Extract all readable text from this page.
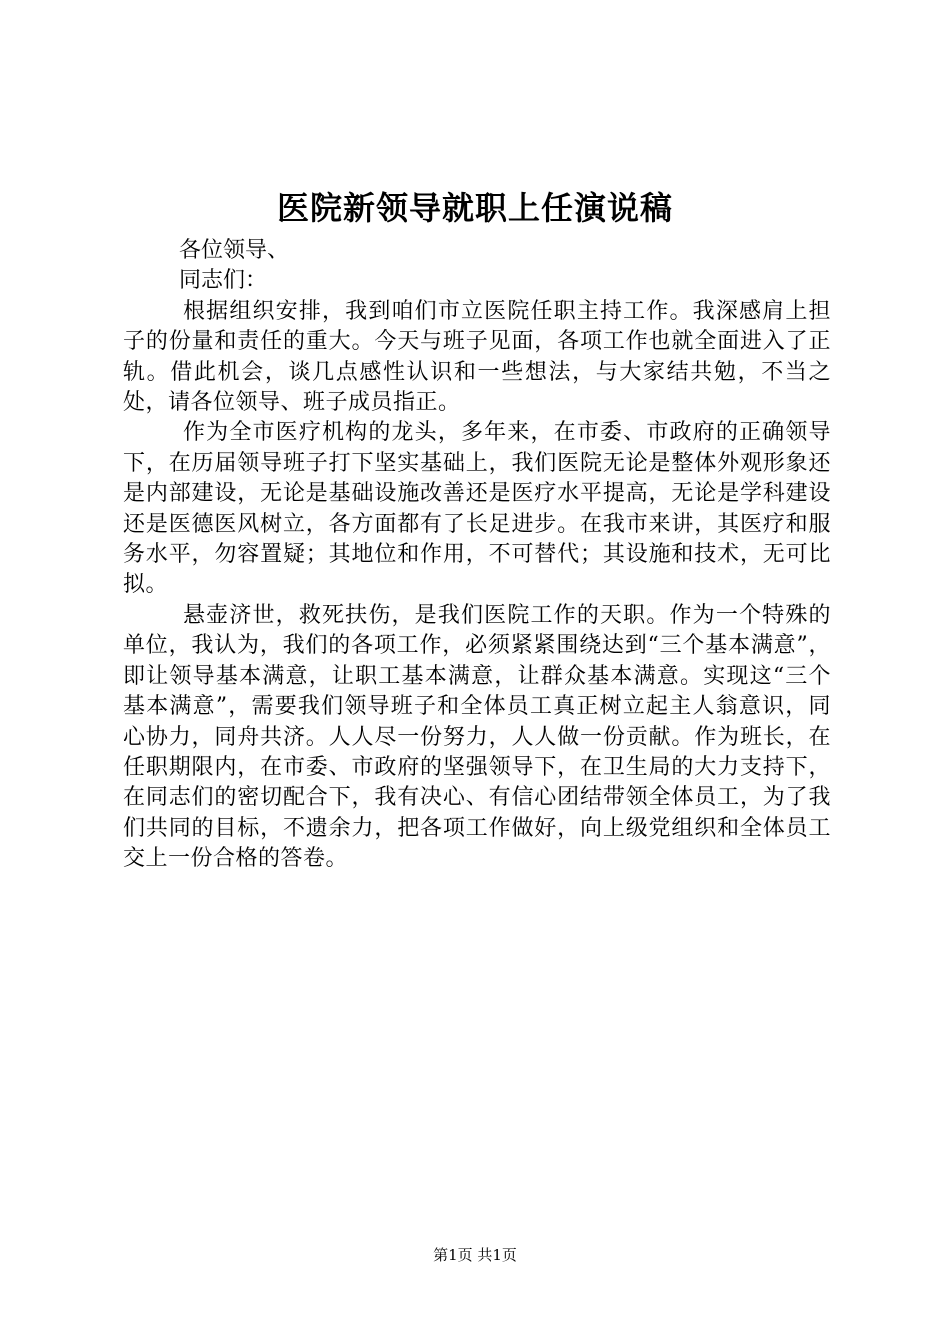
医院新领导就职上任演说稿

各位领导、

同志们：

根据组织安排，我到咱们市立医院任职主持工作。我深感肩上担子的份量和责任的重大。今天与班子见面，各项工作也就全面进入了正轨。借此机会，谈几点感性认识和一些想法，与大家结共勉，不当之处，请各位领导、班子成员指正。

作为全市医疗机构的龙头，多年来，在市委、市政府的正确领导下，在历届领导班子打下坚实基础上，我们医院无论是整体外观形象还是内部建设，无论是基础设施改善还是医疗水平提高，无论是学科建设还是医德医风树立，各方面都有了长足进步。在我市来讲，其医疗和服务水平，勿容置疑；其地位和作用，不可替代；其设施和技术，无可比拟。

悬壶济世，救死扶伤，是我们医院工作的天职。作为一个特殊的单位，我认为，我们的各项工作，必须紧紧围绕达到“三个基本满意”，即让领导基本满意，让职工基本满意，让群众基本满意。实现这“三个基本满意”，需要我们领导班子和全体员工真正树立起主人翁意识，同心协力，同舟共济。人人尽一份努力，人人做一份贡献。作为班长，在任职期限内，在市委、市政府的坚强领导下，在卫生局的大力支持下，在同志们的密切配合下，我有决心、有信心团结带领全体员工，为了我们共同的目标，不遗余力，把各项工作做好，向上级党组织和全体员工交上一份合格的答卷。

第1页 共1页
